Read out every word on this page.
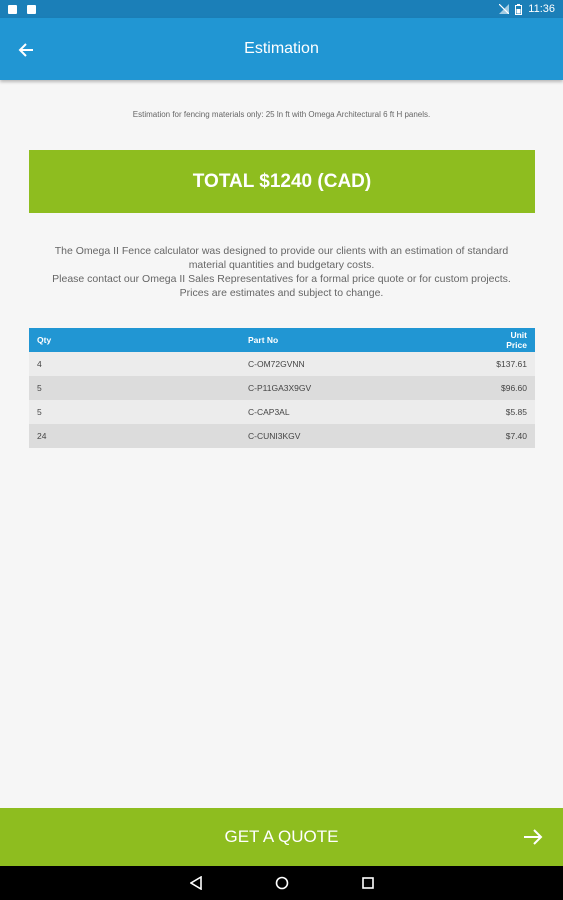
11:36
Estimation
Estimation for fencing materials only: 25 ln ft with Omega Architectural 6 ft H panels.
TOTAL $1240 (CAD)

The Omega II Fence calculator was designed to provide our clients with an estimation of standard material quantities and budgetary costs.

Please contact our Omega II Sales Representatives for a formal price quote or for custom projects. Prices are estimates and subject to change.

Qty	Part No	Unit Price
4	C-OM72GVNN	$137.61
5	C-P11GA3X9GV	$96.60
5	C-CAP3AL	$5.85
24	C-CUNI3KGV	$7.40
GET A QUOTE
